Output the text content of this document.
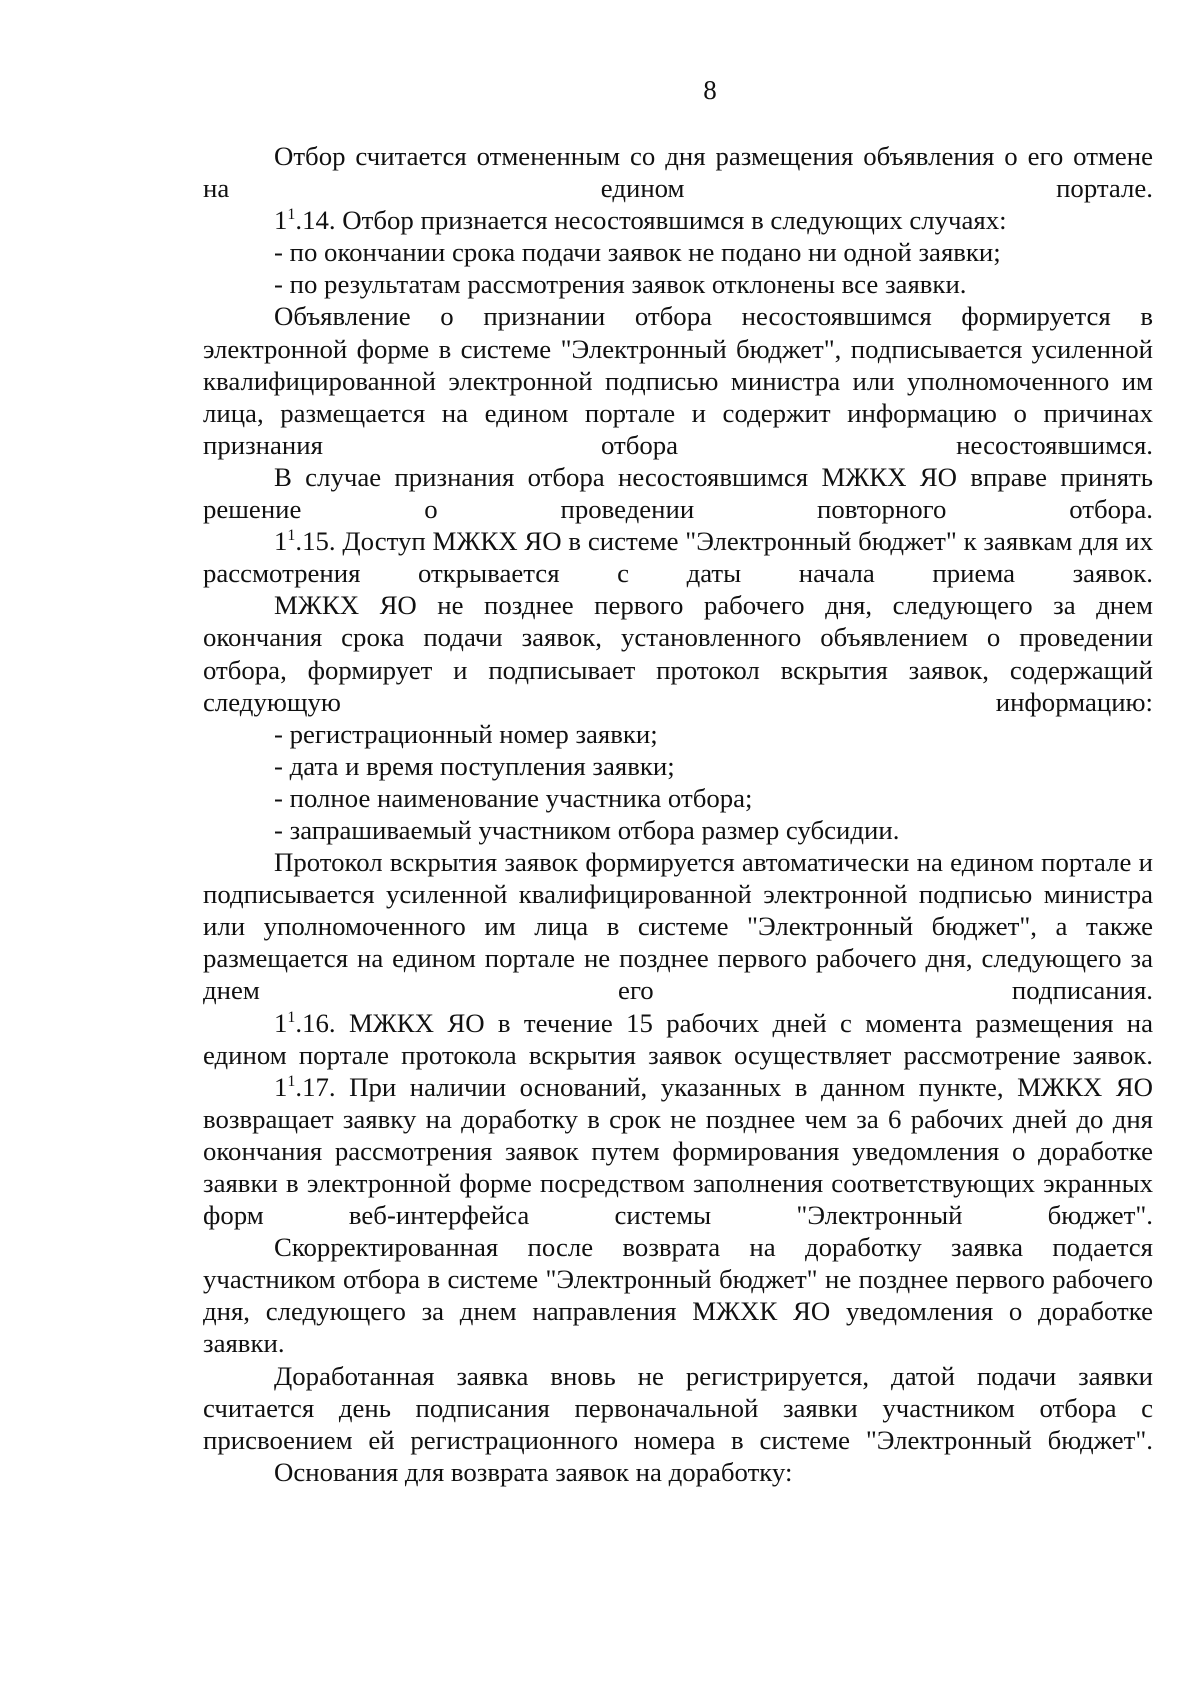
8

Отбор считается отмененным со дня размещения объявления о его отмене на едином портале.

$1^1.14$. Отбор признается несостоявшимся в следующих случаях:

- по окончании срока подачи заявок не подано ни одной заявки;

- по результатам рассмотрения заявок отклонены все заявки.

Объявление о признании отбора несостоявшимся формируется в электронной форме в системе "Электронный бюджет", подписывается усиленной квалифицированной электронной подписью министра или уполномоченного им лица, размещается на едином портале и содержит информацию о причинах признания отбора несостоявшимся.

В случае признания отбора несостоявшимся МЖКХ ЯО вправе принять решение о проведении повторного отбора.

$1^1.15$. Доступ МЖКХ ЯО в системе "Электронный бюджет" к заявкам для их рассмотрения открывается с даты начала приема заявок.

МЖКХ ЯО не позднее первого рабочего дня, следующего за днем окончания срока подачи заявок, установленного объявлением о проведении отбора, формирует и подписывает протокол вскрытия заявок, содержащий следующую информацию:

- регистрационный номер заявки;

- дата и время поступления заявки;

- полное наименование участника отбора;

- запрашиваемый участником отбора размер субсидии.

Протокол вскрытия заявок формируется автоматически на едином портале и подписывается усиленной квалифицированной электронной подписью министра или уполномоченного им лица в системе "Электронный бюджет", а также размещается на едином портале не позднее первого рабочего дня, следующего за днем его подписания.

$1^1.16$. МЖКХ ЯО в течение 15 рабочих дней с момента размещения на едином портале протокола вскрытия заявок осуществляет рассмотрение заявок.

$1^1.17$. При наличии оснований, указанных в данном пункте, МЖКХ ЯО возвращает заявку на доработку в срок не позднее чем за 6 рабочих дней до дня окончания рассмотрения заявок путем формирования уведомления о доработке заявки в электронной форме посредством заполнения соответствующих экранных форм веб-интерфейса системы "Электронный бюджет".

Скорректированная после возврата на доработку заявка подается участником отбора в системе "Электронный бюджет" не позднее первого рабочего дня, следующего за днем направления МЖХК ЯО уведомления о доработке заявки.

Доработанная заявка вновь не регистрируется, датой подачи заявки считается день подписания первоначальной заявки участником отбора с присвоением ей регистрационного номера в системе "Электронный бюджет".

Основания для возврата заявок на доработку:
